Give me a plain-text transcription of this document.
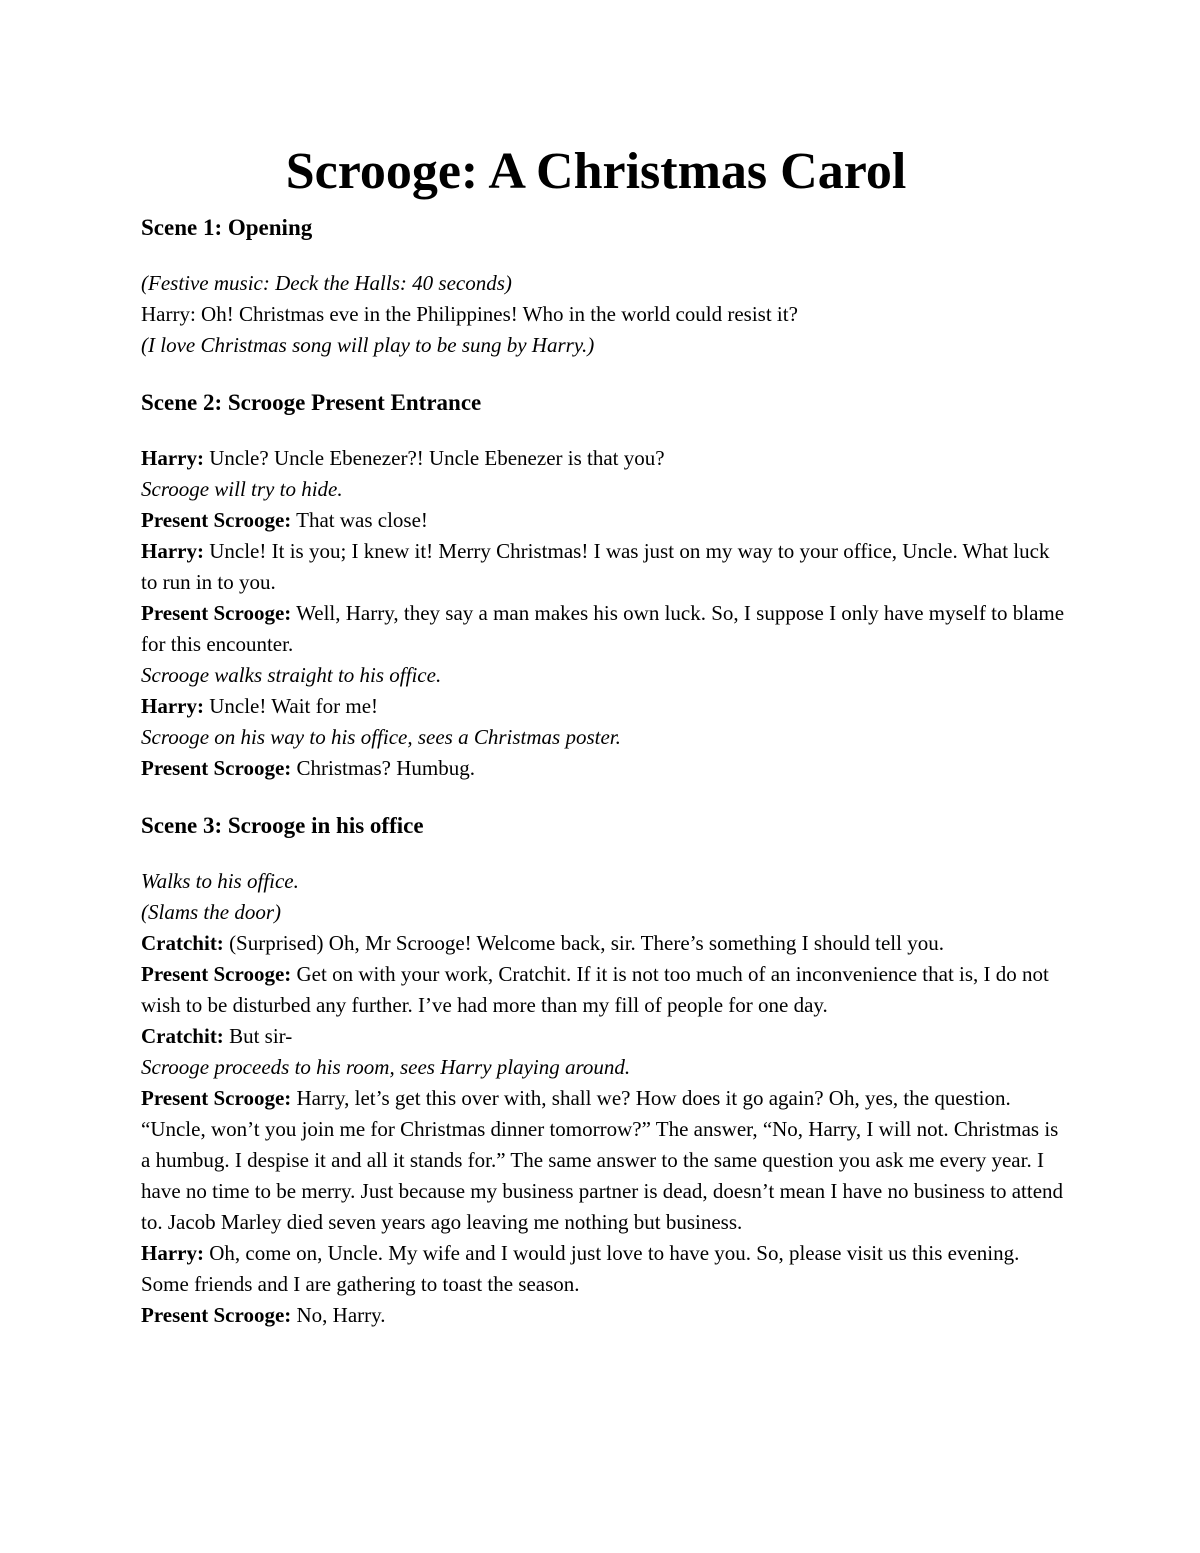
Scrooge: A Christmas Carol
Scene 1: Opening

(Festive music: Deck the Halls: 40 seconds)

Harry: Oh! Christmas eve in the Philippines! Who in the world could resist it?

(I love Christmas song will play to be sung by Harry.)

Scene 2: Scrooge Present Entrance

Harry: Uncle? Uncle Ebenezer?! Uncle Ebenezer is that you?

Scrooge will try to hide.

Present Scrooge: That was close!

Harry: Uncle! It is you; I knew it! Merry Christmas! I was just on my way to your office, Uncle. What luck to run in to you.

Present Scrooge: Well, Harry, they say a man makes his own luck. So, I suppose I only have myself to blame for this encounter.

Scrooge walks straight to his office.

Harry: Uncle! Wait for me!

Scrooge on his way to his office, sees a Christmas poster.

Present Scrooge: Christmas? Humbug.

Scene 3: Scrooge in his office

Walks to his office.

(Slams the door)

Cratchit: (Surprised) Oh, Mr Scrooge! Welcome back, sir. There’s something I should tell you.

Present Scrooge: Get on with your work, Cratchit. If it is not too much of an inconvenience that is, I do not wish to be disturbed any further. I’ve had more than my fill of people for one day.

Cratchit: But sir-

Scrooge proceeds to his room, sees Harry playing around.

Present Scrooge: Harry, let’s get this over with, shall we? How does it go again? Oh, yes, the question. “Uncle, won’t you join me for Christmas dinner tomorrow?” The answer, “No, Harry, I will not. Christmas is a humbug. I despise it and all it stands for.” The same answer to the same question you ask me every year. I have no time to be merry. Just because my business partner is dead, doesn’t mean I have no business to attend to. Jacob Marley died seven years ago leaving me nothing but business.

Harry: Oh, come on, Uncle. My wife and I would just love to have you. So, please visit us this evening. Some friends and I are gathering to toast the season.

Present Scrooge: No, Harry.
